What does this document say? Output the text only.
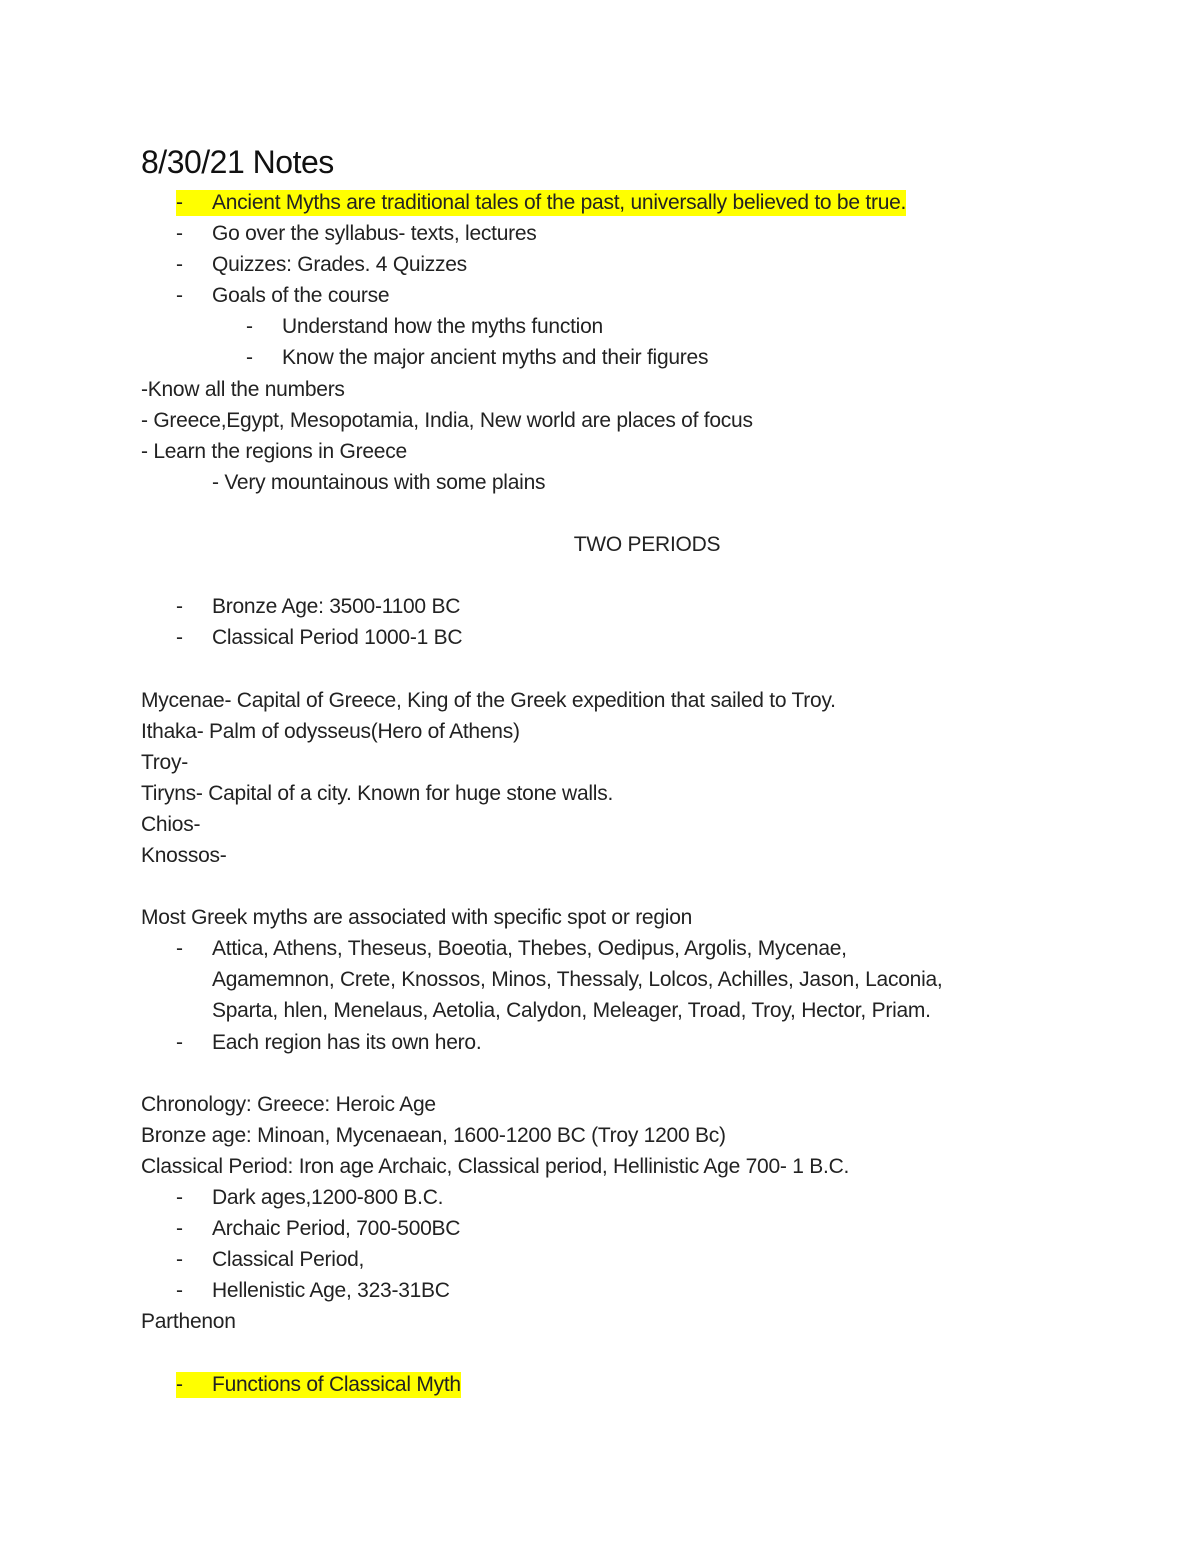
8/30/21 Notes
- Ancient Myths are traditional tales of the past, universally believed to be true.
- Go over the syllabus- texts, lectures
- Quizzes: Grades. 4 Quizzes
- Goals of the course
- Understand how the myths function
- Know the major ancient myths and their figures
-Know all the numbers
- Greece,Egypt, Mesopotamia, India, New world are places of focus
- Learn the regions in Greece
- Very mountainous with some plains
TWO PERIODS
- Bronze Age: 3500-1100 BC
- Classical Period 1000-1 BC
Mycenae- Capital of Greece, King of the Greek expedition that sailed to Troy.
Ithaka- Palm of odysseus(Hero of Athens)
Troy-
Tiryns- Capital of a city. Known for huge stone walls.
Chios-
Knossos-
Most Greek myths are associated with specific spot or region
- Attica, Athens, Theseus, Boeotia, Thebes, Oedipus, Argolis, Mycenae,
Agamemnon, Crete, Knossos, Minos, Thessaly, Lolcos, Achilles, Jason, Laconia,
Sparta, hlen, Menelaus, Aetolia, Calydon, Meleager, Troad, Troy, Hector, Priam.
- Each region has its own hero.
Chronology: Greece: Heroic Age
Bronze age: Minoan, Mycenaean, 1600-1200 BC (Troy 1200 Bc)
Classical Period: Iron age Archaic, Classical period, Hellinistic Age 700- 1 B.C.
- Dark ages,1200-800 B.C.
- Archaic Period, 700-500BC
- Classical Period,
- Hellenistic Age, 323-31BC
Parthenon
- Functions of Classical Myth
